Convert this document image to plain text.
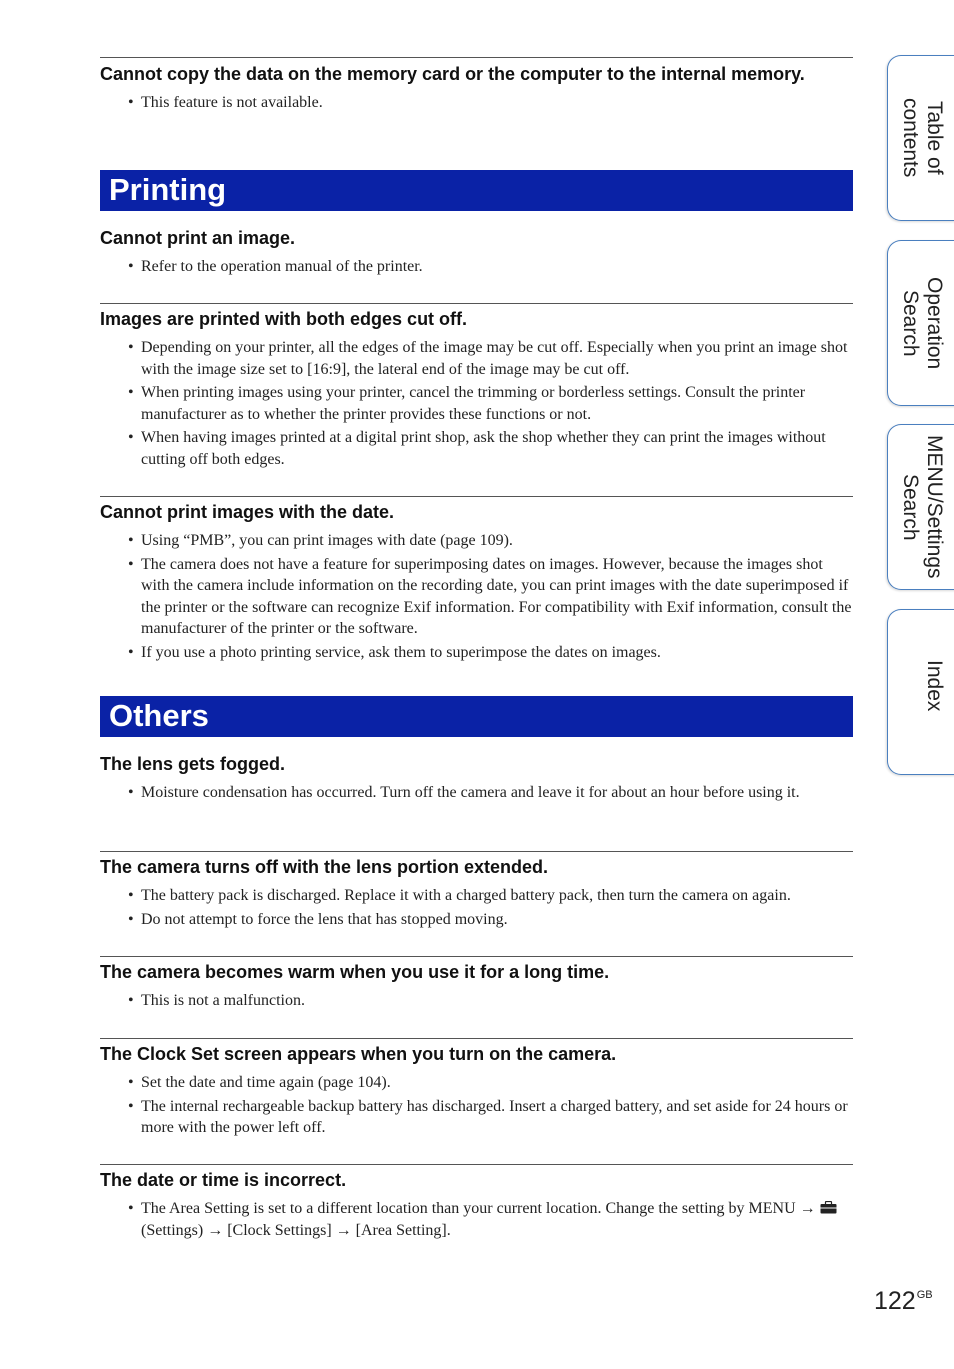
Cannot copy the data on the memory card or the computer to the internal memory.

• This feature is not available.
Printing

Cannot print an image.

• Refer to the operation manual of the printer.

Images are printed with both edges cut off.

• Depending on your printer, all the edges of the image may be cut off. Especially when you print an image shot with the image size set to [16:9], the lateral end of the image may be cut off.
• When printing images using your printer, cancel the trimming or borderless settings. Consult the printer manufacturer as to whether the printer provides these functions or not.
• When having images printed at a digital print shop, ask the shop whether they can print the images without cutting off both edges.

Cannot print images with the date.

• Using “PMB”, you can print images with date (page 109).
• The camera does not have a feature for superimposing dates on images. However, because the images shot with the camera include information on the recording date, you can print images with the date superimposed if the printer or the software can recognize Exif information. For compatibility with Exif information, consult the manufacturer of the printer or the software.
• If you use a photo printing service, ask them to superimpose the dates on images.
Others

The lens gets fogged.

• Moisture condensation has occurred. Turn off the camera and leave it for about an hour before using it.

The camera turns off with the lens portion extended.

• The battery pack is discharged. Replace it with a charged battery pack, then turn the camera on again.
• Do not attempt to force the lens that has stopped moving.

The camera becomes warm when you use it for a long time.

• This is not a malfunction.

The Clock Set screen appears when you turn on the camera.

• Set the date and time again (page 104).
• The internal rechargeable backup battery has discharged. Insert a charged battery, and set aside for 24 hours or more with the power left off.

The date or time is incorrect.

• The Area Setting is set to a different location than your current location. Change the setting by MENU →  (Settings) → [Clock Settings] → [Area Setting].
Table of
contents
Operation
Search
MENU/Settings
Search
Index
$122^{GB}$
